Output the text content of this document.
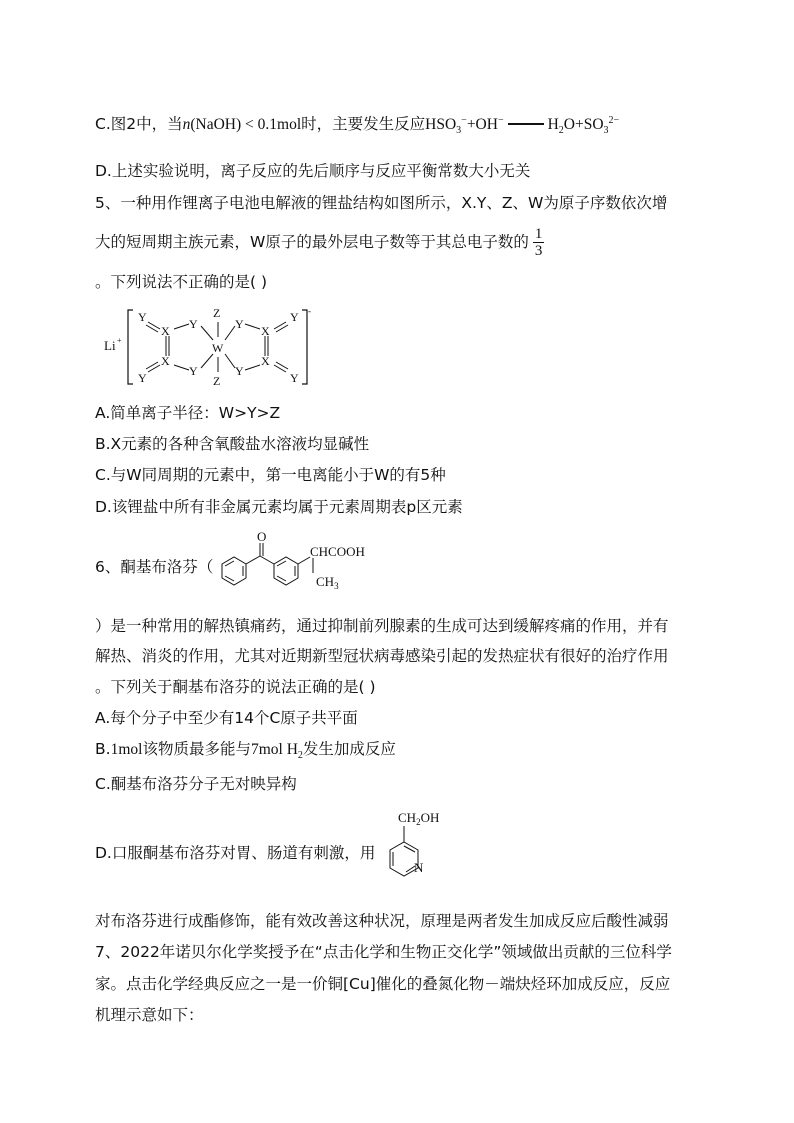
C.图2中，当n(NaOH) < 0.1mol时，主要发生反应$HSO_3^-+OH^-$	$H_2O+SO_3^{2-}$
D.上述实验说明，离子反应的先后顺序与反应平衡常数大小无关
5、一种用作锂离子电池电解液的锂盐结构如图所示，X.Y、Z、W为原子序数依次增
大的短周期主族元素，W原子的最外层电子数等于其总电子数的 $\frac{1}{3}$
。下列说法不正确的是( )
Li +
-
Y
Y
X
X
Y
Y
Z
W
Z
Y
Y
X
X
Y
Y
A.简单离子半径：W>Y>Z
B.X元素的各种含氧酸盐水溶液均显碱性
C.与W同周期的元素中，第一电离能小于W的有5种
D.该锂盐中所有非金属元素均属于元素周期表p区元素
6、酮基布洛芬（
O
CHCOOH
$CH_3$
）是一种常用的解热镇痛药，通过抑制前列腺素的生成可达到缓解疼痛的作用，并有
解热、消炎的作用，尤其对近期新型冠状病毒感染引起的发热症状有很好的治疗作用
。下列关于酮基布洛芬的说法正确的是( )
A.每个分子中至少有14个C原子共平面
B.1mol该物质最多能与7mol $H_2$发生加成反应
C.酮基布洛芬分子无对映异构
D.口服酮基布洛芬对胃、肠道有刺激，用
$CH_2OH$
N
对布洛芬进行成酯修饰，能有效改善这种状况，原理是两者发生加成反应后酸性减弱
7、2022年诺贝尔化学奖授予在“点击化学和生物正交化学”领域做出贡献的三位科学
家。点击化学经典反应之一是一价铜[Cu]催化的叠氮化物－端炔烃环加成反应，反应
机理示意如下：
